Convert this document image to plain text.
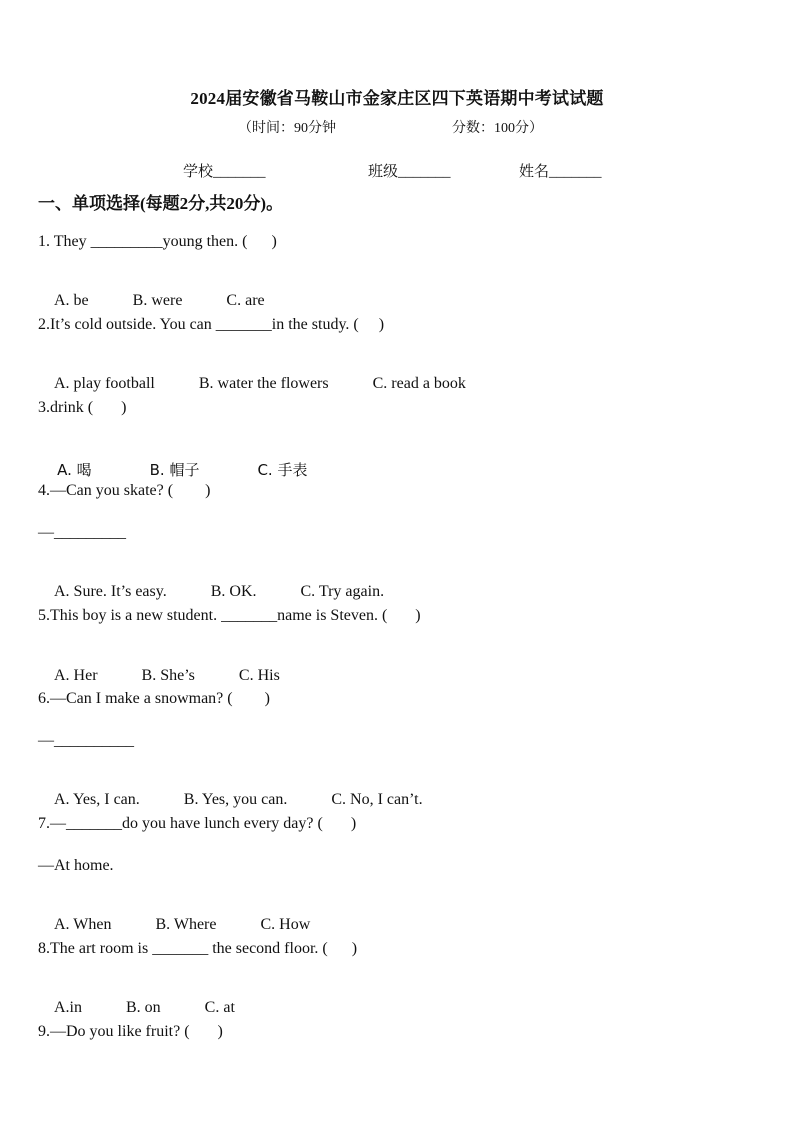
2024届安徽省马鞍山市金家庄区四下英语期中考试试题
（时间：90分钟	分数：100分）
学校_______	班级_______	姓名_______
一、单项选择(每题2分,共20分)。
1. They _________young then. (      )

A. be	B. were	C. are

2.It’s cold outside. You can _______in the study. (     )

A. play football	B. water the flowers	C. read a book

3.drink (       )

A. 喝	B. 帽子	C. 手表

4.—Can you skate? (        )
—_________

A. Sure. It’s easy.	B. OK.	C. Try again.

5.This boy is a new student. _______name is Steven. (       )

A. Her	B. She’s	C. His

6.—Can I make a snowman? (        )
—__________

A. Yes, I can.	B. Yes, you can.	C. No, I can’t.

7.—_______do you have lunch every day? (       )
—At home.

A. When	B. Where	C. How

8.The art room is _______ the second floor. (      )

A.in	B. on	C. at

9.—Do you like fruit? (       )
